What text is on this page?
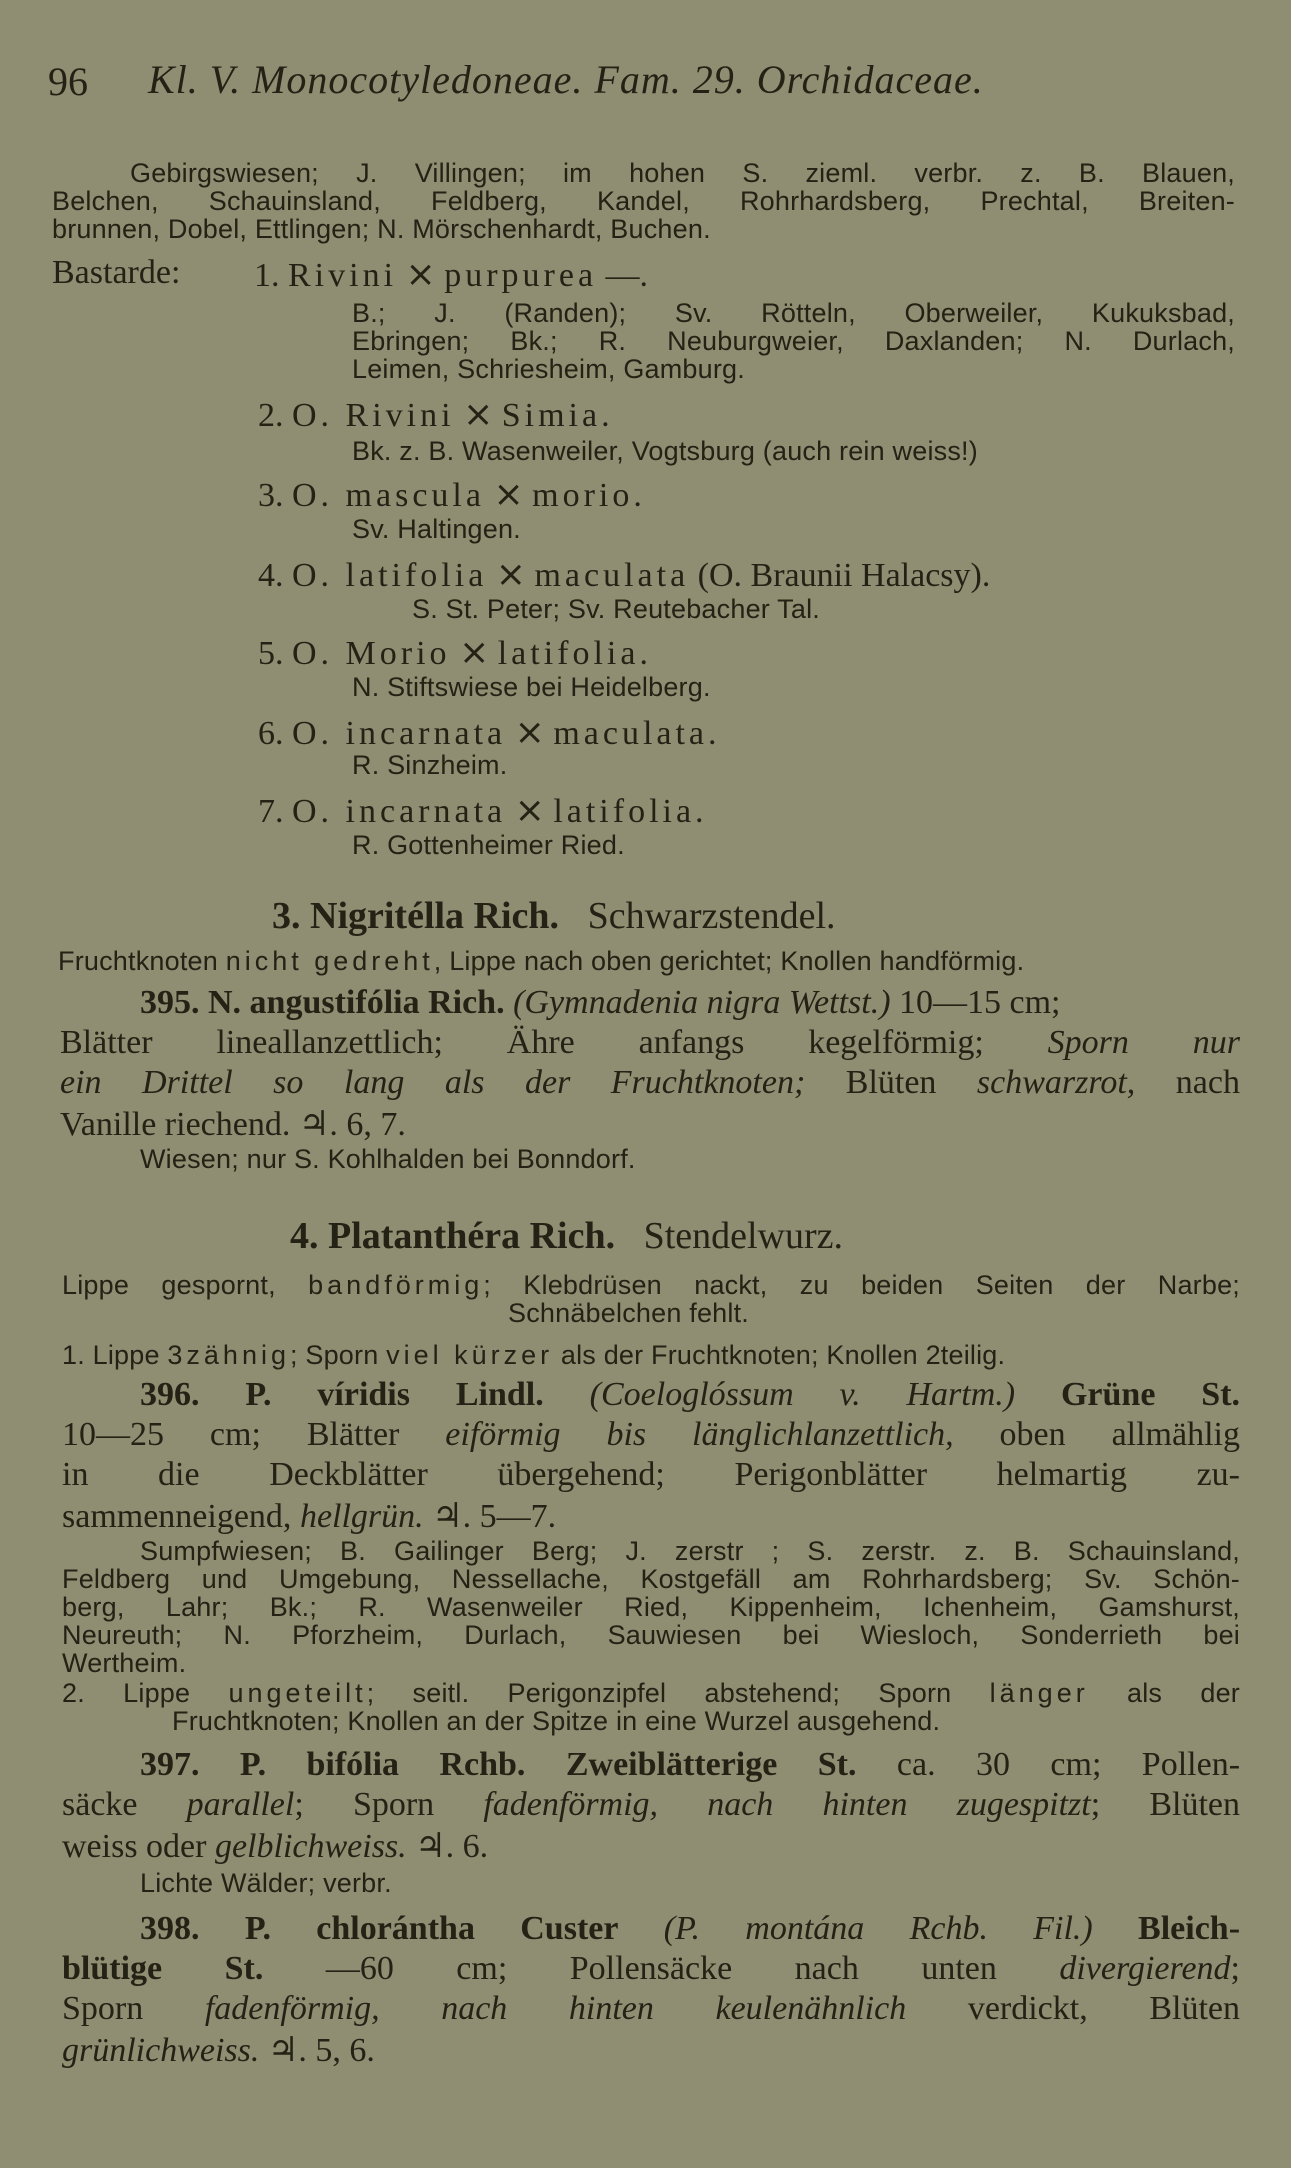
96 Kl. V. Monocotyledoneae. Fam. 29. Orchidaceae.
Gebirgswiesen; J. Villingen; im hohen S. zieml. verbr. z. B. Blauen,
Belchen, Schauinsland, Feldberg, Kandel, Rohrhardsberg, Prechtal, Breiten-
brunnen, Dobel, Ettlingen; N. Mörschenhardt, Buchen.
Bastarde: 1. Rivini × purpurea —.
B.; J. (Randen); Sv. Rötteln, Oberweiler, Kukuksbad,
Ebringen; Bk.; R. Neuburgweier, Daxlanden; N. Durlach,
Leimen, Schriesheim, Gamburg.
2. O. Rivini × Simia.
Bk. z. B. Wasenweiler, Vogtsburg (auch rein weiss!)
3. O. mascula × morio.
Sv. Haltingen.
4. O. latifolia × maculata (O. Braunii Halacsy).
S. St. Peter; Sv. Reutebacher Tal.
5. O. Morio × latifolia.
N. Stiftswiese bei Heidelberg.
6. O. incarnata × maculata.
R. Sinzheim.
7. O. incarnata × latifolia.
R. Gottenheimer Ried.
3. Nigritélla Rich. Schwarzstendel.
Fruchtknoten nicht gedreht, Lippe nach oben gerichtet; Knollen handförmig.
395. N. angustifólia Rich. (Gymnadenia nigra Wettst.) 10—15 cm;
Blätter lineallanzettlich; Ähre anfangs kegelförmig; Sporn nur
ein Drittel so lang als der Fruchtknoten; Blüten schwarzrot, nach
Vanille riechend. ♃. 6, 7.
Wiesen; nur S. Kohlhalden bei Bonndorf.
4. Platanthéra Rich. Stendelwurz.
Lippe gespornt, bandförmig; Klebdrüsen nackt, zu beiden Seiten der Narbe;
Schnäbelchen fehlt.
1. Lippe 3zähnig; Sporn viel kürzer als der Fruchtknoten; Knollen 2teilig.
396. P. víridis Lindl. (Coeloglóssum v. Hartm.) Grüne St.
10—25 cm; Blätter eiförmig bis länglichlanzettlich, oben allmählig
in die Deckblätter übergehend; Perigonblätter helmartig zu-
sammenneigend, hellgrün. ♃. 5—7.
Sumpfwiesen; B. Gailinger Berg; J. zerstr ; S. zerstr. z. B. Schauinsland,
Feldberg und Umgebung, Nessellache, Kostgefäll am Rohrhardsberg; Sv. Schön-
berg, Lahr; Bk.; R. Wasenweiler Ried, Kippenheim, Ichenheim, Gamshurst,
Neureuth; N. Pforzheim, Durlach, Sauwiesen bei Wiesloch, Sonderrieth bei
Wertheim.
2. Lippe ungeteilt; seitl. Perigonzipfel abstehend; Sporn länger als der
Fruchtknoten; Knollen an der Spitze in eine Wurzel ausgehend.
397. P. bifólia Rchb. Zweiblätterige St. ca. 30 cm; Pollen-
säcke parallel; Sporn fadenförmig, nach hinten zugespitzt; Blüten
weiss oder gelblichweiss. ♃. 6.
Lichte Wälder; verbr.
398. P. chlorántha Custer (P. montána Rchb. Fil.) Bleich-
blütige St. —60 cm; Pollensäcke nach unten divergierend;
Sporn fadenförmig, nach hinten keulenähnlich verdickt, Blüten
grünlichweiss. ♃. 5, 6.
